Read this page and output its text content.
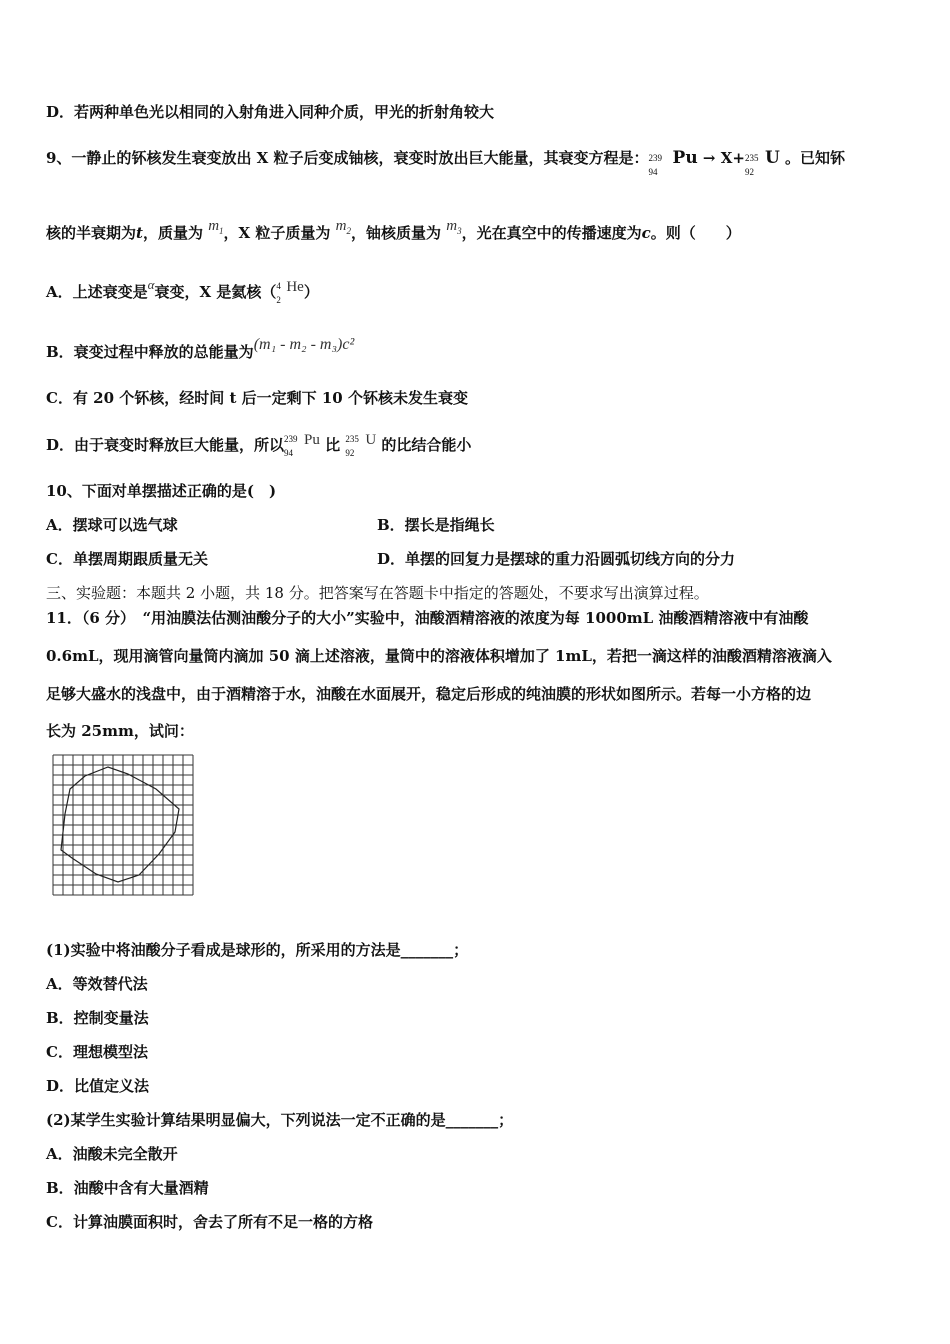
D．若两种单色光以相同的入射角进入同种介质，甲光的折射角较大
9、一静止的钚核发生衰变放出 X 粒子后变成铀核，衰变时放出巨大能量，其衰变方程是： 239
94
Pu → X+ 235
92
U 。已知钚
核的半衰期为t，质量为 $m_1$，X 粒子质量为 $m_2$，铀核质量为 $m_3$，光在真空中的传播速度为c。则（　　）
A．上述衰变是α衰变，X 是氦核（ 4
2
He）
B．衰变过程中释放的总能量为(m₁ - m₂ - m₃)c²
C．有 20 个钚核，经时间 t 后一定剩下 10 个钚核未发生衰变
D．由于衰变时释放巨大能量，所以 239
94
Pu 比 235
92
U 的比结合能小
10、下面对单摆描述正确的是(　)
A．摆球可以选气球	B．摆长是指绳长
C．单摆周期跟质量无关	D．单摆的回复力是摆球的重力沿圆弧切线方向的分力
三、实验题：本题共 2 小题，共 18 分。把答案写在答题卡中指定的答题处，不要求写出演算过程。
11．（6 分）　“用油膜法估测油酸分子的大小”实验中，油酸酒精溶液的浓度为每 1000mL 油酸酒精溶液中有油酸
0.6mL，现用滴管向量筒内滴加 50 滴上述溶液，量筒中的溶液体积增加了 1mL，若把一滴这样的油酸酒精溶液滴入
足够大盛水的浅盘中，由于酒精溶于水，油酸在水面展开，稳定后形成的纯油膜的形状如图所示。若每一小方格的边
长为 25mm，试问：
(1)实验中将油酸分子看成是球形的，所采用的方法是_______；
A．等效替代法
B．控制变量法
C．理想模型法
D．比值定义法
(2)某学生实验计算结果明显偏大，下列说法一定不正确的是_______；
A．油酸未完全散开
B．油酸中含有大量酒精
C．计算油膜面积时，舍去了所有不足一格的方格
